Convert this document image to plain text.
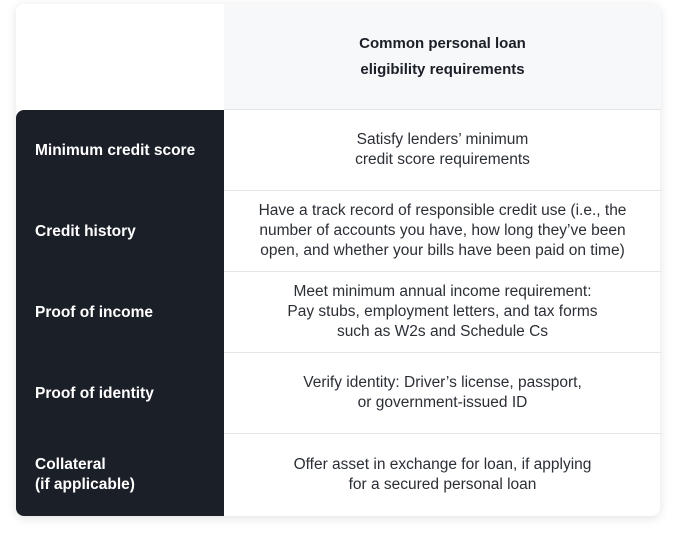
Common personal loan
eligibility requirements
Minimum credit score
Satisfy lenders’ minimum
credit score requirements
Credit history
Have a track record of responsible credit use (i.e., the
number of accounts you have, how long they’ve been
open, and whether your bills have been paid on time)
Proof of income
Meet minimum annual income requirement:
Pay stubs, employment letters, and tax forms
such as W2s and Schedule Cs
Proof of identity
Verify identity: Driver’s license, passport,
or government-issued ID
Collateral
(if applicable)
Offer asset in exchange for loan, if applying
for a secured personal loan
